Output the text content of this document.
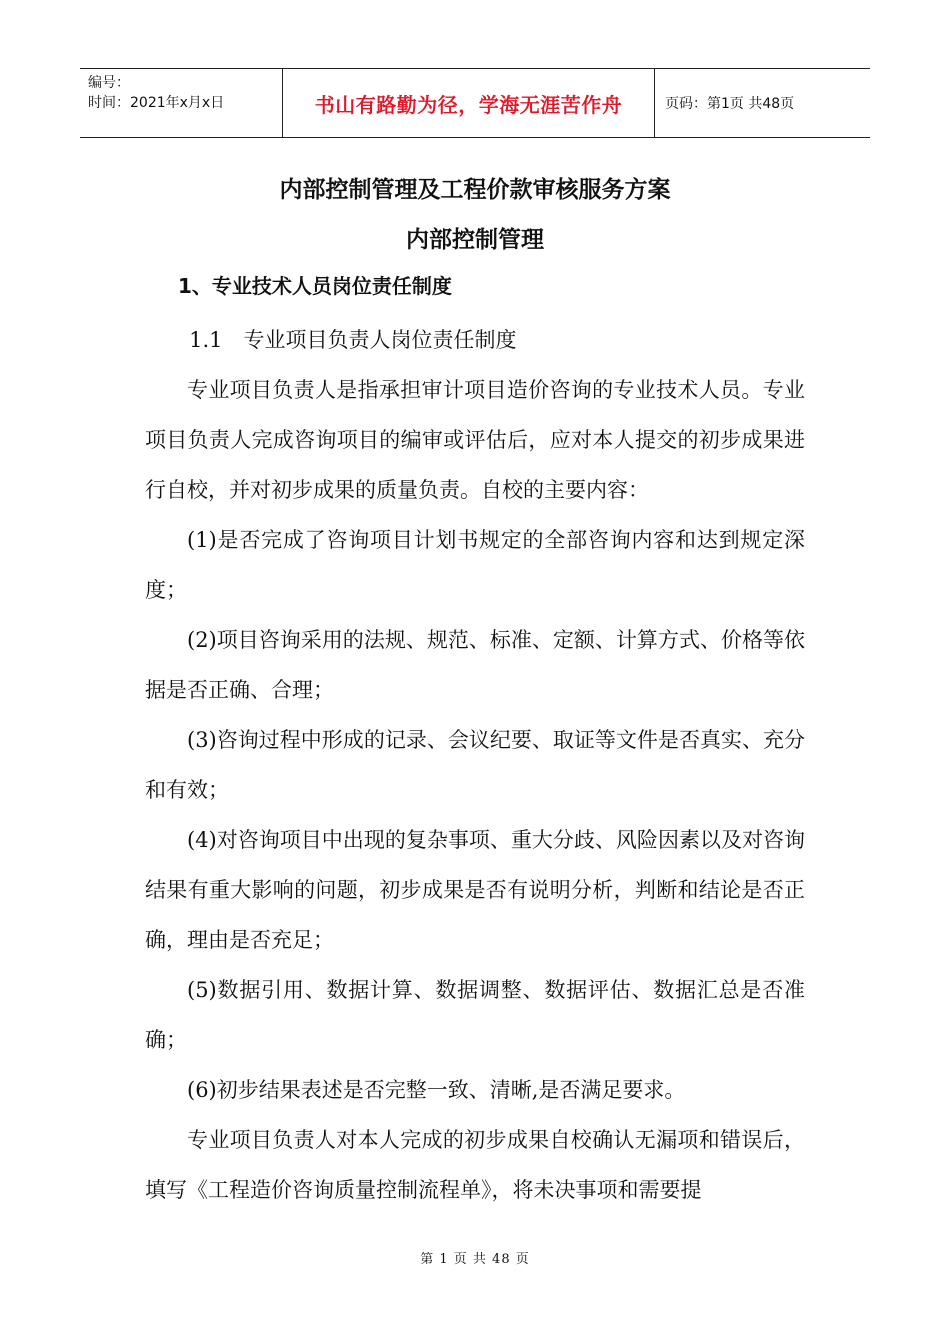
编号：
时间：2021年x月x日	书山有路勤为径，学海无涯苦作舟	页码：第1页 共48页
内部控制管理及工程价款审核服务方案
内部控制管理
1、专业技术人员岗位责任制度

1.1　专业项目负责人岗位责任制度

专业项目负责人是指承担审计项目造价咨询的专业技术人员。专业项目负责人完成咨询项目的编审或评估后，应对本人提交的初步成果进行自校，并对初步成果的质量负责。自校的主要内容：

(1)是否完成了咨询项目计划书规定的全部咨询内容和达到规定深度；

(2)项目咨询采用的法规、规范、标准、定额、计算方式、价格等依据是否正确、合理；

(3)咨询过程中形成的记录、会议纪要、取证等文件是否真实、充分和有效；

(4)对咨询项目中出现的复杂事项、重大分歧、风险因素以及对咨询结果有重大影响的问题，初步成果是否有说明分析，判断和结论是否正确，理由是否充足；

(5)数据引用、数据计算、数据调整、数据评估、数据汇总是否准确；

(6)初步结果表述是否完整一致、清晰,是否满足要求。

专业项目负责人对本人完成的初步成果自校确认无漏项和错误后，填写《工程造价咨询质量控制流程单》，将未决事项和需要提

第 1 页 共 48 页
